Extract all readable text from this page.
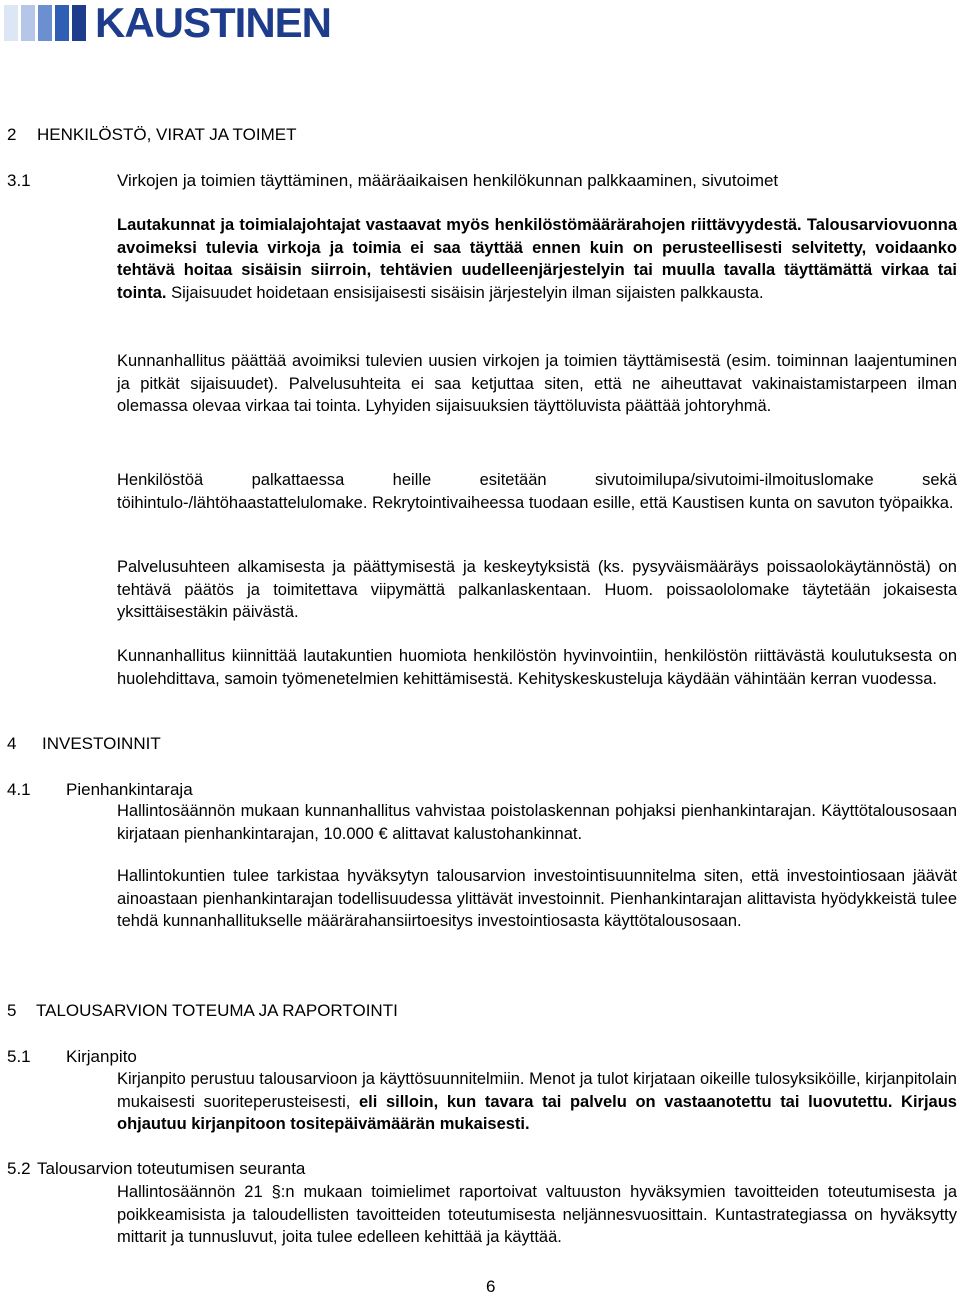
KAUSTINEN
2 HENKILÖSTÖ, VIRAT JA TOIMET
3.1	Virkojen ja toimien täyttäminen, määräaikaisen henkilökunnan palkkaaminen, sivutoimet

Lautakunnat ja toimialajohtajat vastaavat myös henkilöstömäärärahojen riittävyydestä. Talousarviovuonna avoimeksi tulevia virkoja ja toimia ei saa täyttää ennen kuin on perusteellisesti selvitetty, voidaanko tehtävä hoitaa sisäisin siirroin, tehtävien uudelleenjärjestelyin tai muulla tavalla täyttämättä virkaa tai tointa. Sijaisuudet hoidetaan ensisijaisesti sisäisin järjestelyin ilman sijaisten palkkausta.

Kunnanhallitus päättää avoimiksi tulevien uusien virkojen ja toimien täyttämisestä (esim. toiminnan laajentuminen ja pitkät sijaisuudet). Palvelusuhteita ei saa ketjuttaa siten, että ne aiheuttavat vakinaistamistarpeen ilman olemassa olevaa virkaa tai tointa. Lyhyiden sijaisuuksien täyttöluvista päättää johtoryhmä.

Henkilöstöä palkattaessa heille esitetään sivutoimilupa/sivutoimi-ilmoituslomake sekä töihintulo-/lähtöhaastattelulomake. Rekrytointivaiheessa tuodaan esille, että Kaustisen kunta on savuton työpaikka.

Palvelusuhteen alkamisesta ja päättymisestä ja keskeytyksistä (ks. pysyväismääräys poissaolokäytännöstä) on tehtävä päätös ja toimitettava viipymättä palkanlaskentaan. Huom. poissaololomake täytetään jokaisesta yksittäisestäkin päivästä.

Kunnanhallitus kiinnittää lautakuntien huomiota henkilöstön hyvinvointiin, henkilöstön riittävästä koulutuksesta on huolehdittava, samoin työmenetelmien kehittämisestä. Kehityskeskusteluja käydään vähintään kerran vuodessa.

4 INVESTOINNIT
4.1 Pienhankintaraja

Hallintosäännön mukaan kunnanhallitus vahvistaa poistolaskennan pohjaksi pienhankintarajan. Käyttötalousosaan kirjataan pienhankintarajan, 10.000 € alittavat kalustohankinnat.

Hallintokuntien tulee tarkistaa hyväksytyn talousarvion investointisuunnitelma siten, että investointiosaan jäävät ainoastaan pienhankintarajan todellisuudessa ylittävät investoinnit. Pienhankintarajan alittavista hyödykkeistä tulee tehdä kunnanhallitukselle määrärahansiirtoesitys investointiosasta käyttötalousosaan.

5 TALOUSARVION TOTEUMA JA RAPORTOINTI
5.1 Kirjanpito

Kirjanpito perustuu talousarvioon ja käyttösuunnitelmiin. Menot ja tulot kirjataan oikeille tulosyksiköille, kirjanpitolain mukaisesti suoriteperusteisesti, eli silloin, kun tavara tai palvelu on vastaanotettu tai luovutettu. Kirjaus ohjautuu kirjanpitoon tositepäivämäärän mukaisesti.

5.2 Talousarvion toteutumisen seuranta

Hallintosäännön 21 §:n mukaan toimielimet raportoivat valtuuston hyväksymien tavoitteiden toteutumisesta ja poikkeamisista ja taloudellisten tavoitteiden toteutumisesta neljännesvuosittain. Kuntastrategiassa on hyväksytty mittarit ja tunnusluvut, joita tulee edelleen kehittää ja käyttää.

6
